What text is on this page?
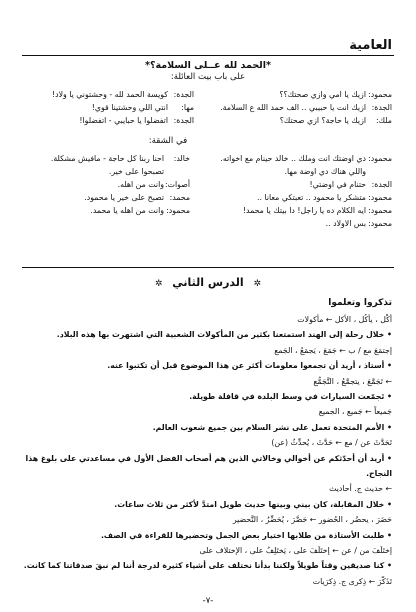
العامية
*الحمد لله عــلى السلامة؟*
على باب بيت العائلة:
محمود:ازيك يا امي وازي صحتك؟؟
الجدة:ازيك انت يا حبيبي .. الف حمد الله ع السلامة.
ملك:ازيك يا حاجة؟ ازي صحتك؟
الجدة:كويسة الحمد لله - وحشتوني يا ولاد!
مها:انتي اللي وحشتينا قوي!
الجدة:اتفضلوا يا حبايبي - اتفضلوا!
في الشقة:
محمود:دي اوضتك انت وملك .. خالد حينام مع اخواته.
واللي هناك دي اوضة مها.
الجدة:حتنام في اوضتي!
محمود:متشكر يا محمود .. تعبتكي معانا ..
محمود:ايه الكلام ده يا راجل! دا بيتك يا محمد!
محمود:بس الاولاد ..
خالد:احنا ربنا كل حاجة - مافيش مشكلة.
تصبحوا على خير.
أصوات:وانت من اهله.
محمد:تصبح على خير يا محمود.
محمود:وانت من اهله يا محمد.
✲ الدرس الثاني ✲
تذكروا وتعلموا
أكْل ، يأكُل ، الأكل ← مأكولات
• خلال رحلة إلى الهند استمتعنا بكثير من المأكولات الشعبية التي اشتهرت بها هذه البلاد.
إجتمَعَ مع / ب ← جَمَعَ ، يَجمَعُ ، الجَمع
• أستاذ ، أريد أن تجمعوا معلومات أكثر عن هذا الموضوع قبل أن تكتبوا عنه.
← تَجَمَّعَ ، يتجمَّعُ ، التَّجَمُّع
• تَجمّعت السيارات في وسط البلدة في قافلة طويلة.
جَميعاً ← جَميع ، الجميع
• الأمم المتحدة تعمل على نشر السلام بين جميع شعوب العالم.
تَحَدَّثَ عن / مع ← حَدَّثَ ، يُحدِّثُ (عن)
• أريد أن أحدّثكم عن أخوالي وخالاتي الذين هم أصحاب الفضل الأول في مساعدتي على بلوغ هذا
النجاح.
← حديث ج. أحاديث
• خلال المقابلة، كان بيني وبينها حديث طويل امتدَّ لأكثر من ثلاث ساعات.
حَضَرَ ، يحضُر ، الحُضور ← حَضَّرَ ، يُحَضِّرُ ، التَّحضير
• طلبت الأستاذة من طلابها اختيار بعض الجمل وتحضيرها للقراءة في الصف.
إختَلَفَ من / عن ← إختَلَفَ على ، يَختَلِفُ على ، الإختلاف على
• كنا صديقين وقتاً طويلاً ولكننا بدأنا نختلف على أشياء كثيرة لدرجة أننا لم نبقَ صدقاتنا كما كانت.
تَذَكَّرَ ← ذِكرى ج. ذِكرَيات
-٧-
